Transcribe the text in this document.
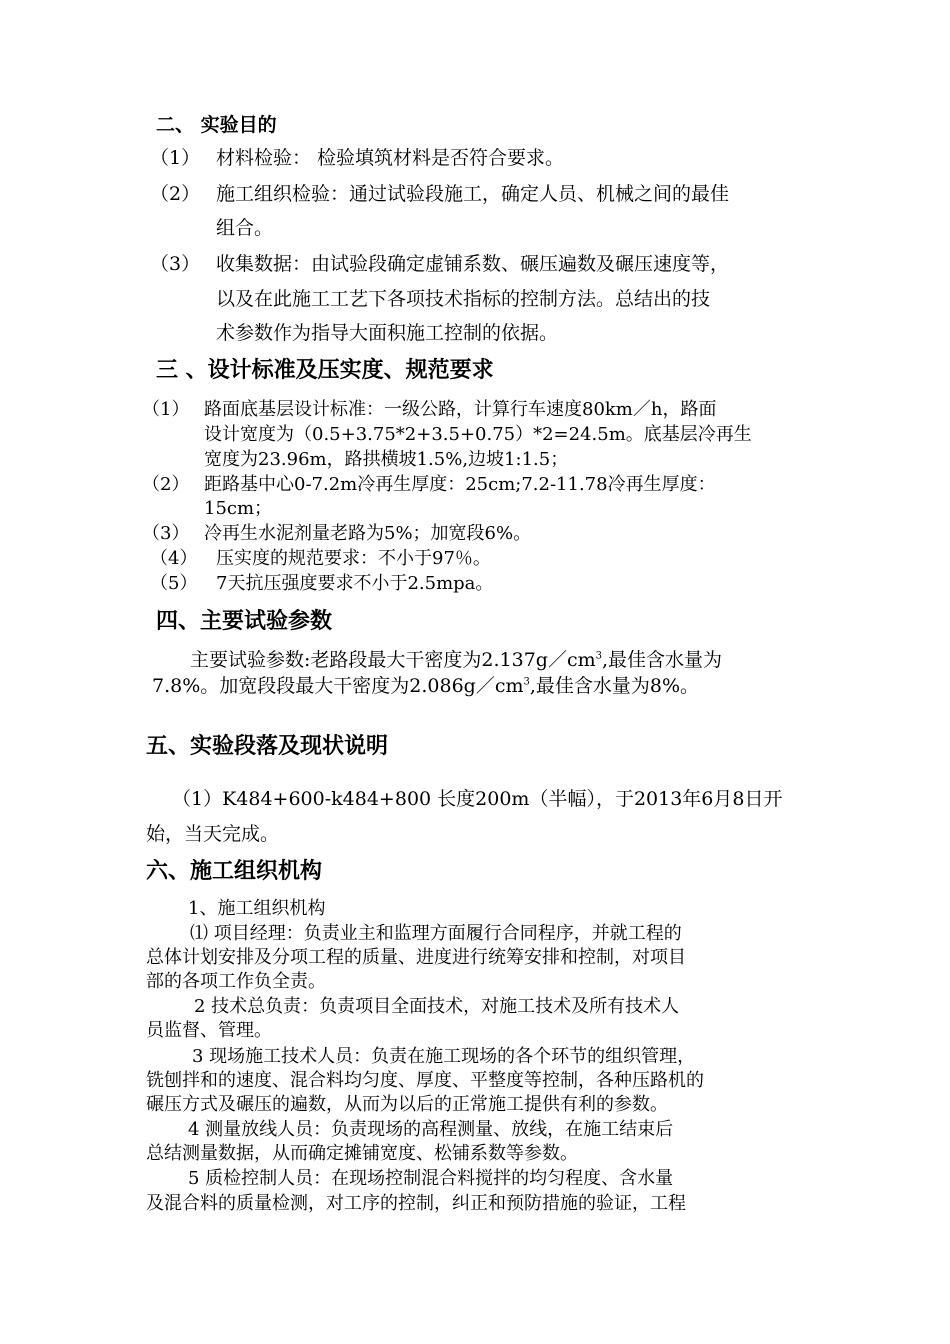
二、 实验目的
（1） 材料检验： 检验填筑材料是否符合要求。
（2） 施工组织检验：通过试验段施工，确定人员、机械之间的最佳
组合。
（3） 收集数据：由试验段确定虚铺系数、碾压遍数及碾压速度等，
以及在此施工工艺下各项技术指标的控制方法。总结出的技
术参数作为指导大面积施工控制的依据。
三 、设计标准及压实度、规范要求
（1） 路面底基层设计标准：一级公路，计算行车速度80km／h，路面
设计宽度为（0.5+3.75*2+3.5+0.75）*2=24.5m。底基层冷再生
宽度为23.96m，路拱横坡1.5%,边坡1:1.5；
（2） 距路基中心0-7.2m冷再生厚度：25cm;7.2-11.78冷再生厚度：
15cm；
（3） 冷再生水泥剂量老路为5%；加宽段6%。
（4） 压实度的规范要求：不小于97％。
（5） 7天抗压强度要求不小于2.5mpa。
四、主要试验参数
主要试验参数:老路段最大干密度为$2.137g/cm^3$,最佳含水量为
7.8%。加宽段段最大干密度为$2.086g/cm^3$,最佳含水量为8%。
五、实验段落及现状说明
（1）K484+600-k484+800 长度200m（半幅），于2013年6月8日开
始，当天完成。
六、施工组织机构
1、施工组织机构
⑴ 项目经理：负责业主和监理方面履行合同程序，并就工程的
总体计划安排及分项工程的质量、进度进行统筹安排和控制，对项目
部的各项工作负全责。
2 技术总负责：负责项目全面技术，对施工技术及所有技术人
员监督、管理。
3 现场施工技术人员：负责在施工现场的各个环节的组织管理，
铣刨拌和的速度、混合料均匀度、厚度、平整度等控制，各种压路机的
碾压方式及碾压的遍数，从而为以后的正常施工提供有利的参数。
4 测量放线人员：负责现场的高程测量、放线，在施工结束后
总结测量数据，从而确定摊铺宽度、松铺系数等参数。
5 质检控制人员：在现场控制混合料搅拌的均匀程度、含水量
及混合料的质量检测，对工序的控制，纠正和预防措施的验证，工程
